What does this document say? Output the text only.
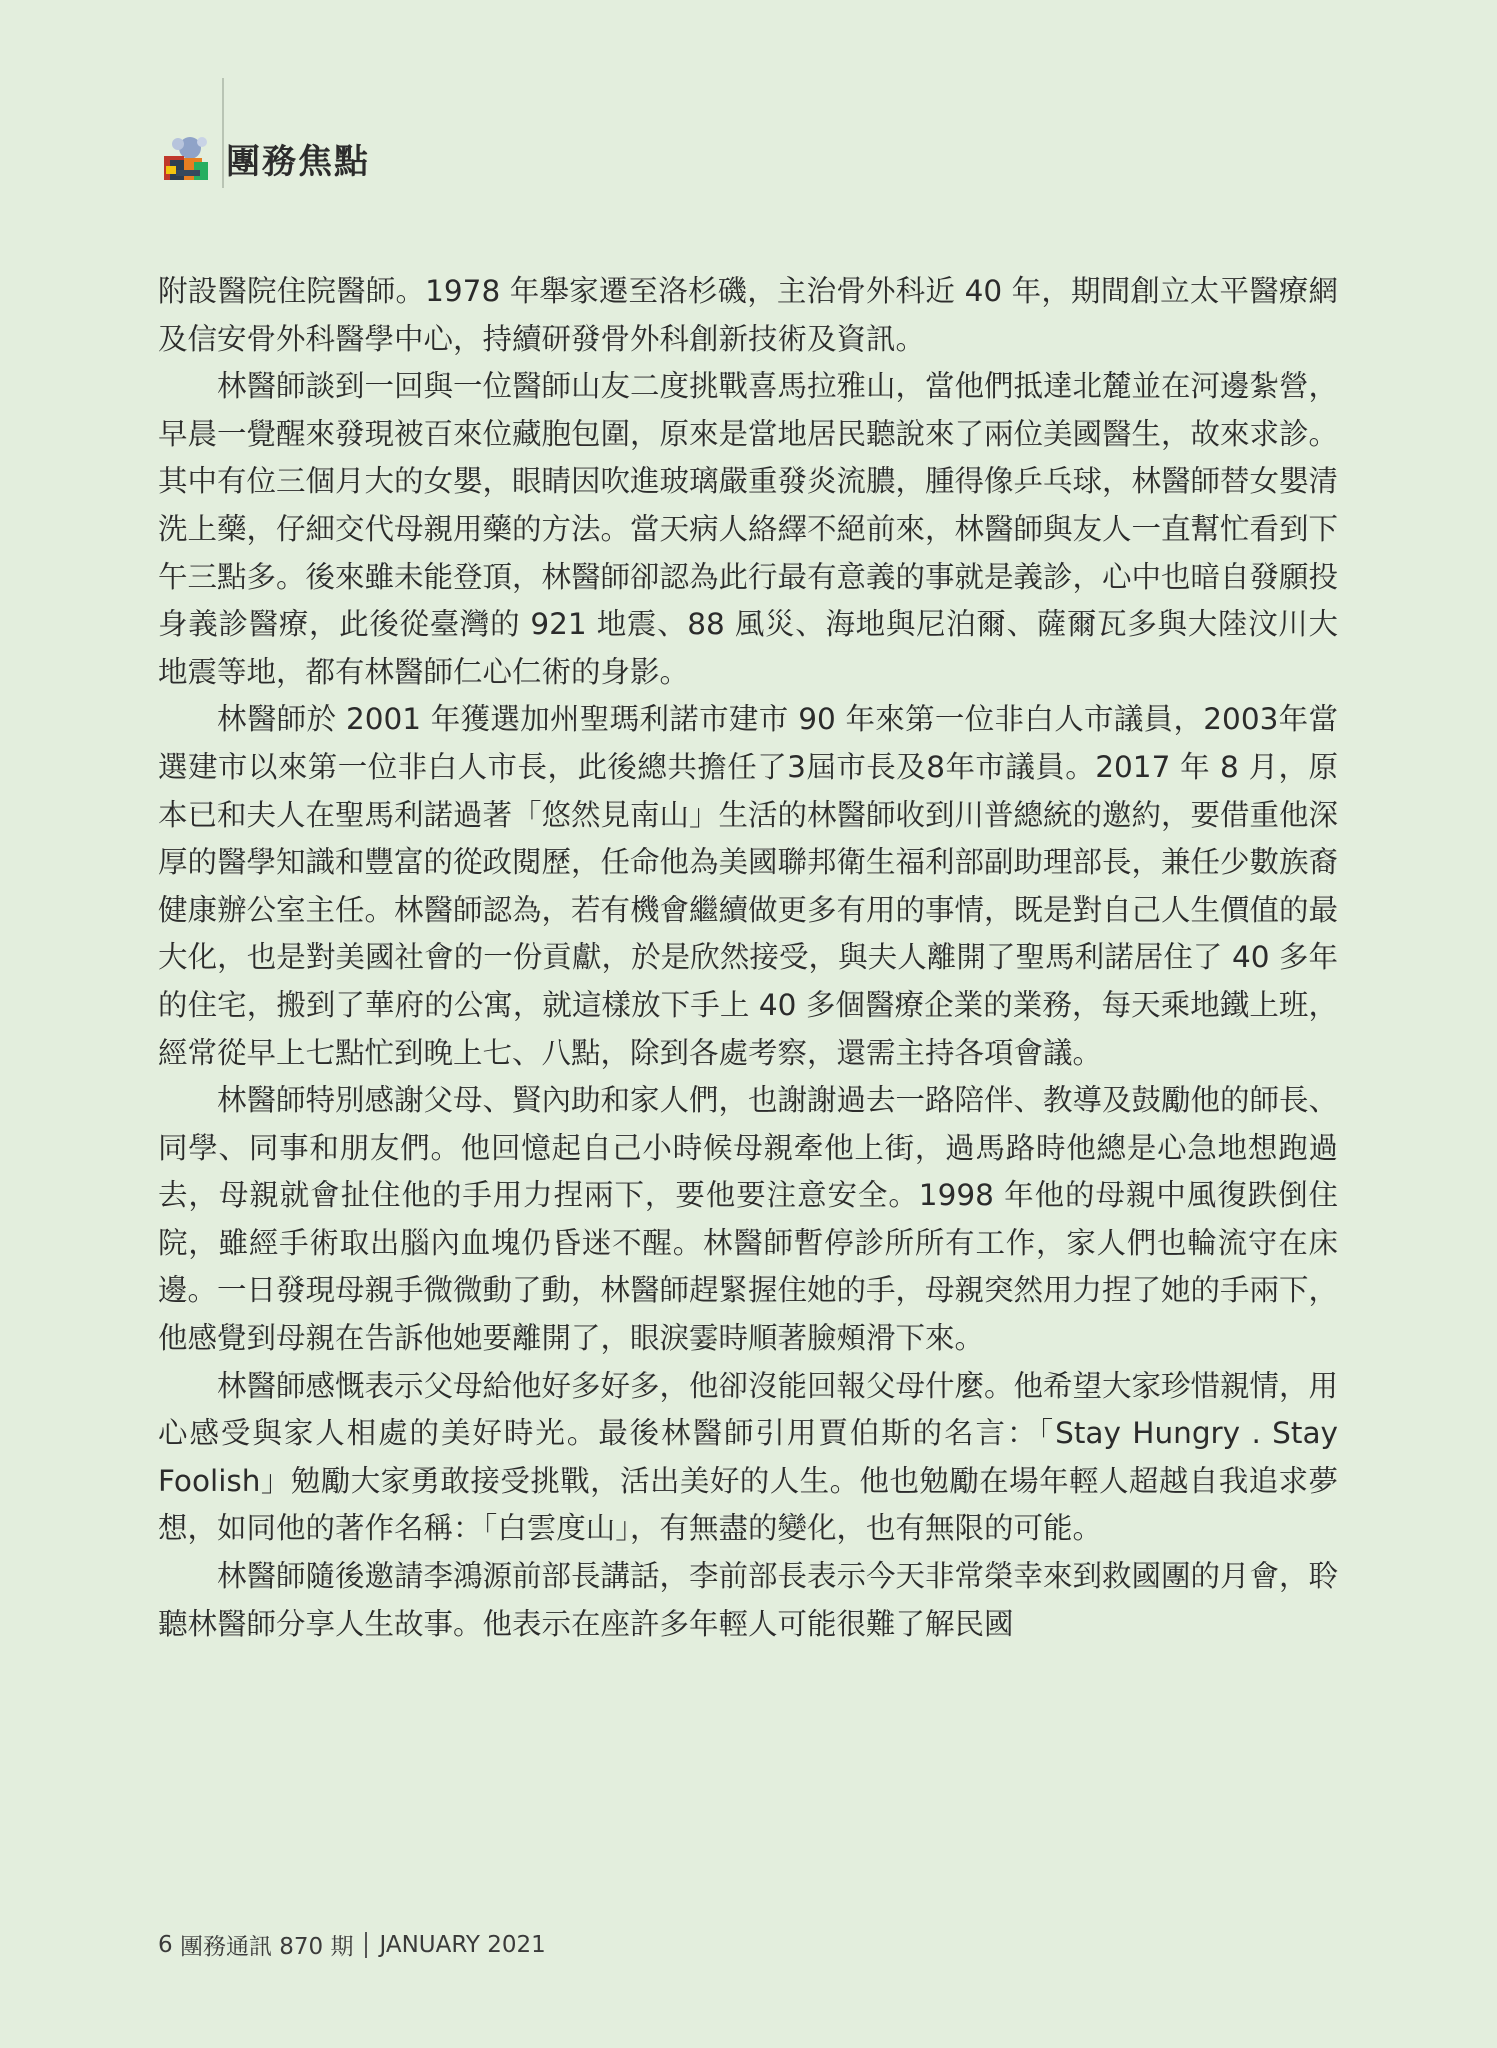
團務焦點

附設醫院住院醫師。1978 年舉家遷至洛杉磯，主治骨外科近 40 年，期間創立太平醫療網及信安骨外科醫學中心，持續研發骨外科創新技術及資訊。

林醫師談到一回與一位醫師山友二度挑戰喜馬拉雅山，當他們抵達北麓並在河邊紮營，早晨一覺醒來發現被百來位藏胞包圍，原來是當地居民聽說來了兩位美國醫生，故來求診。其中有位三個月大的女嬰，眼睛因吹進玻璃嚴重發炎流膿，腫得像乒乓球，林醫師替女嬰清洗上藥，仔細交代母親用藥的方法。當天病人絡繹不絕前來，林醫師與友人一直幫忙看到下午三點多。後來雖未能登頂，林醫師卻認為此行最有意義的事就是義診，心中也暗自發願投身義診醫療，此後從臺灣的 921 地震、88 風災、海地與尼泊爾、薩爾瓦多與大陸汶川大地震等地，都有林醫師仁心仁術的身影。

林醫師於 2001 年獲選加州聖瑪利諾市建市 90 年來第一位非白人市議員，2003年當選建市以來第一位非白人市長，此後總共擔任了3屆市長及8年市議員。2017 年 8 月，原本已和夫人在聖馬利諾過著「悠然見南山」生活的林醫師收到川普總統的邀約，要借重他深厚的醫學知識和豐富的從政閱歷，任命他為美國聯邦衛生福利部副助理部長，兼任少數族裔健康辦公室主任。林醫師認為，若有機會繼續做更多有用的事情，既是對自己人生價值的最大化，也是對美國社會的一份貢獻，於是欣然接受，與夫人離開了聖馬利諾居住了 40 多年的住宅，搬到了華府的公寓，就這樣放下手上 40 多個醫療企業的業務，每天乘地鐵上班，經常從早上七點忙到晚上七、八點，除到各處考察，還需主持各項會議。

林醫師特別感謝父母、賢內助和家人們，也謝謝過去一路陪伴、教導及鼓勵他的師長、同學、同事和朋友們。他回憶起自己小時候母親牽他上街，過馬路時他總是心急地想跑過去，母親就會扯住他的手用力捏兩下，要他要注意安全。1998 年他的母親中風復跌倒住院，雖經手術取出腦內血塊仍昏迷不醒。林醫師暫停診所所有工作，家人們也輪流守在床邊。一日發現母親手微微動了動，林醫師趕緊握住她的手，母親突然用力捏了她的手兩下，他感覺到母親在告訴他她要離開了，眼淚霎時順著臉頰滑下來。

林醫師感慨表示父母給他好多好多，他卻沒能回報父母什麼。他希望大家珍惜親情，用心感受與家人相處的美好時光。最後林醫師引用賈伯斯的名言：「Stay Hungry . Stay Foolish」勉勵大家勇敢接受挑戰，活出美好的人生。他也勉勵在場年輕人超越自我追求夢想，如同他的著作名稱：「白雲度山」，有無盡的變化，也有無限的可能。

林醫師隨後邀請李鴻源前部長講話，李前部長表示今天非常榮幸來到救國團的月會，聆聽林醫師分享人生故事。他表示在座許多年輕人可能很難了解民國

6
團務通訊 870 期 JANUARY 2021
